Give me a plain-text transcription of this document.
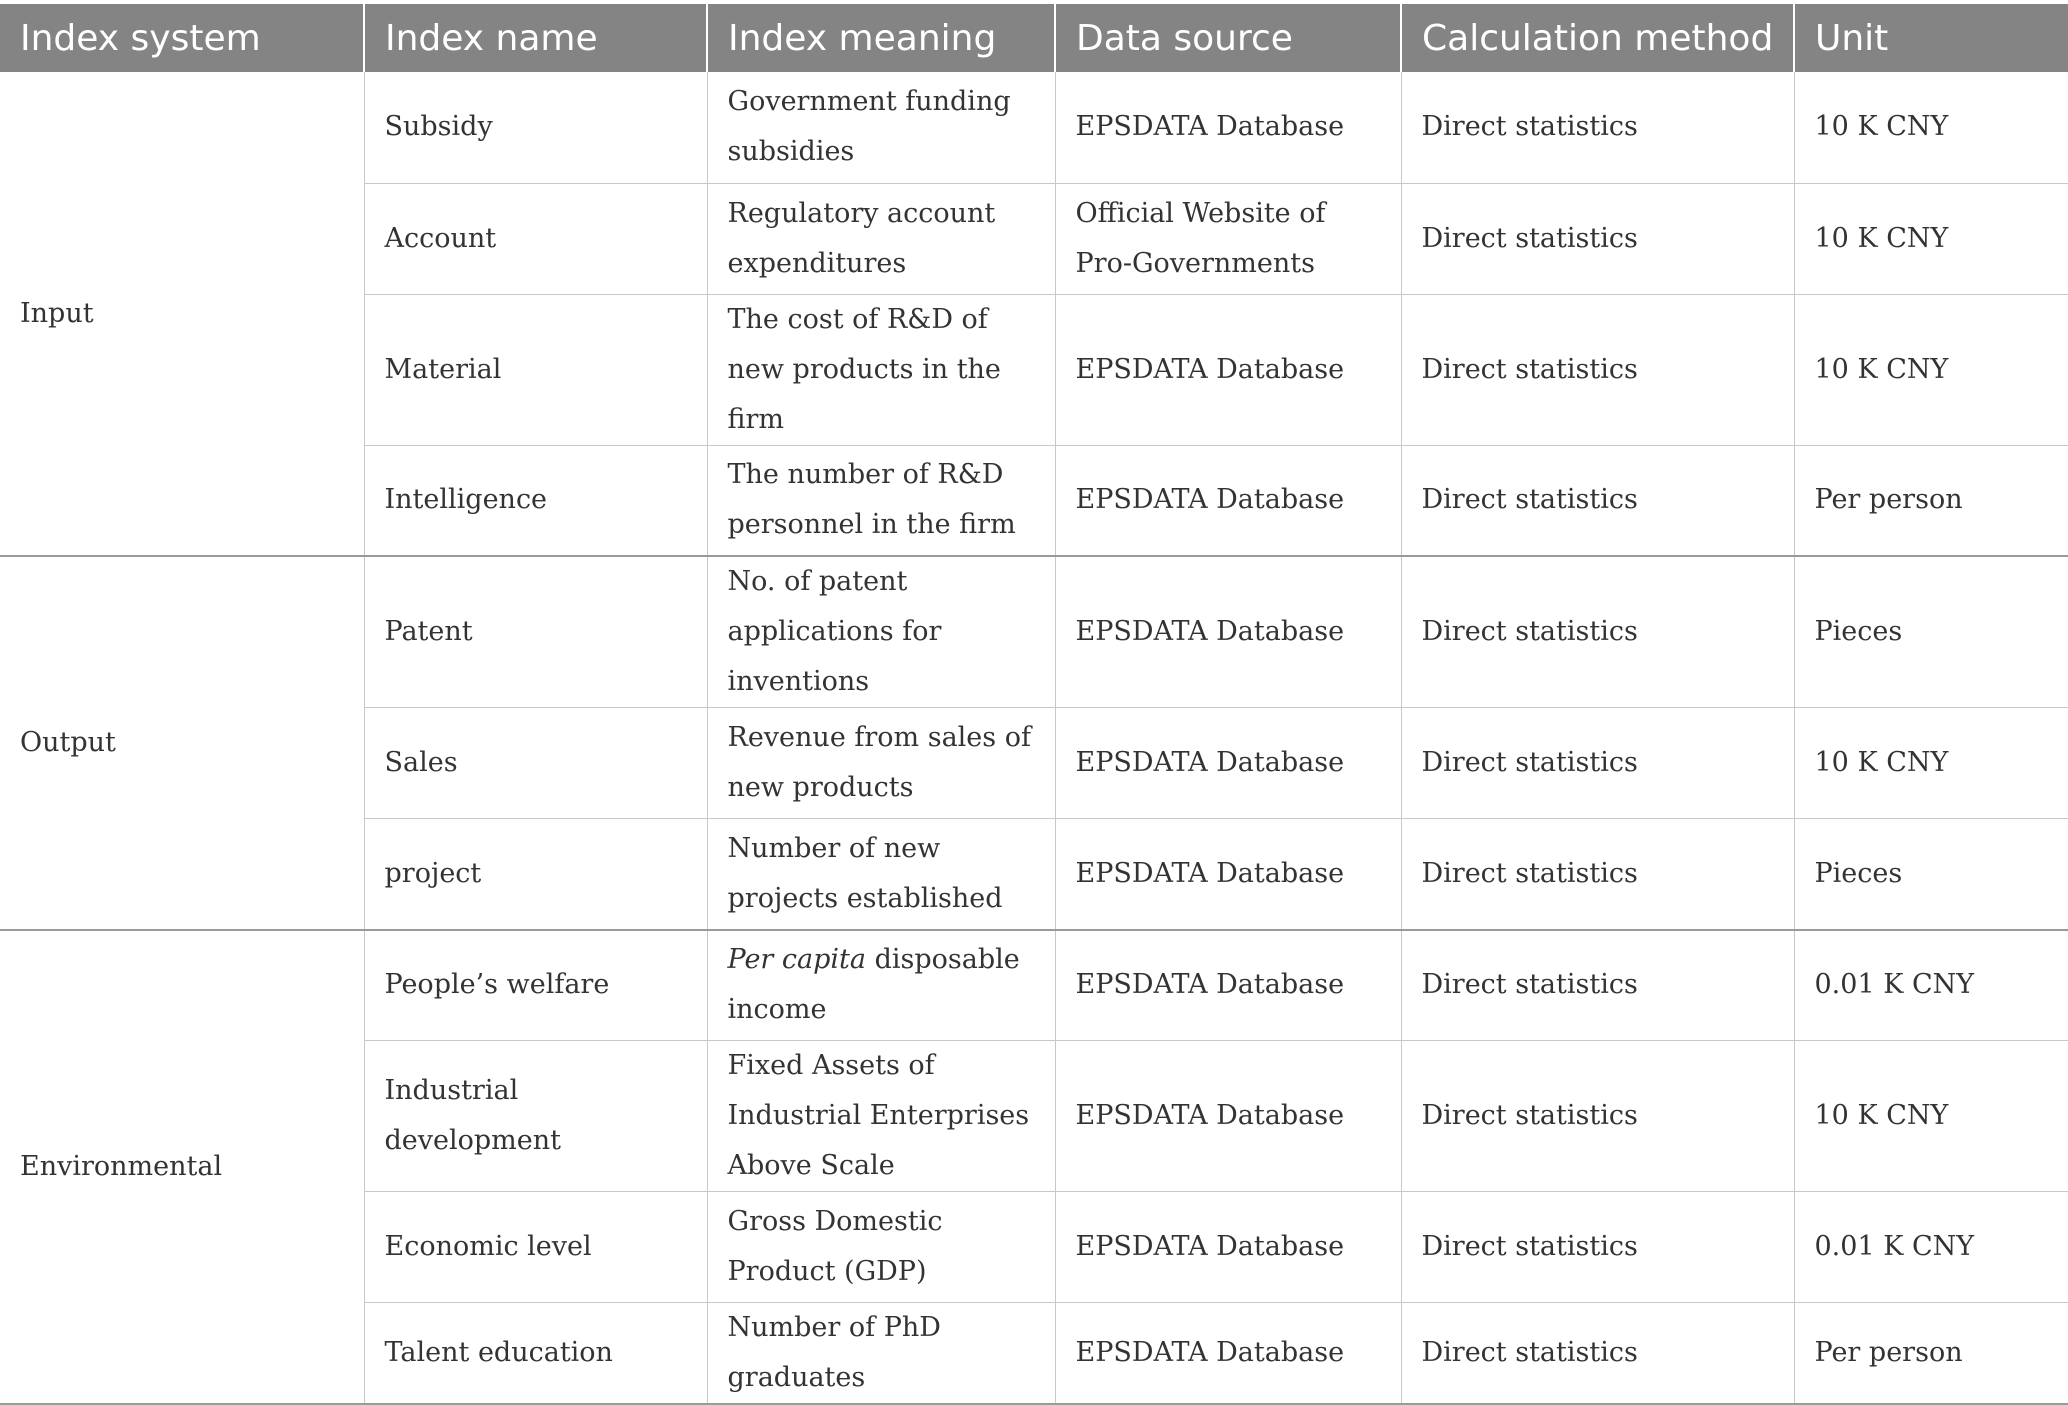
Index system	Index name	Index meaning	Data source	Calculation method	Unit
Input	Subsidy	Government funding subsidies	EPSDATA Database	Direct statistics	10 K CNY
	Account	Regulatory account expenditures	Official Website of Pro-Governments	Direct statistics	10 K CNY
	Material	The cost of R&D of new products in the firm	EPSDATA Database	Direct statistics	10 K CNY
	Intelligence	The number of R&D personnel in the firm	EPSDATA Database	Direct statistics	Per person
Output	Patent	No. of patent applications for inventions	EPSDATA Database	Direct statistics	Pieces
	Sales	Revenue from sales of new products	EPSDATA Database	Direct statistics	10 K CNY
	project	Number of new projects established	EPSDATA Database	Direct statistics	Pieces
Environmental	People’s welfare	Per capita disposable income	EPSDATA Database	Direct statistics	0.01 K CNY
	Industrial development	Fixed Assets of Industrial Enterprises Above Scale	EPSDATA Database	Direct statistics	10 K CNY
	Economic level	Gross Domestic Product (GDP)	EPSDATA Database	Direct statistics	0.01 K CNY
	Talent education	Number of PhD graduates	EPSDATA Database	Direct statistics	Per person
